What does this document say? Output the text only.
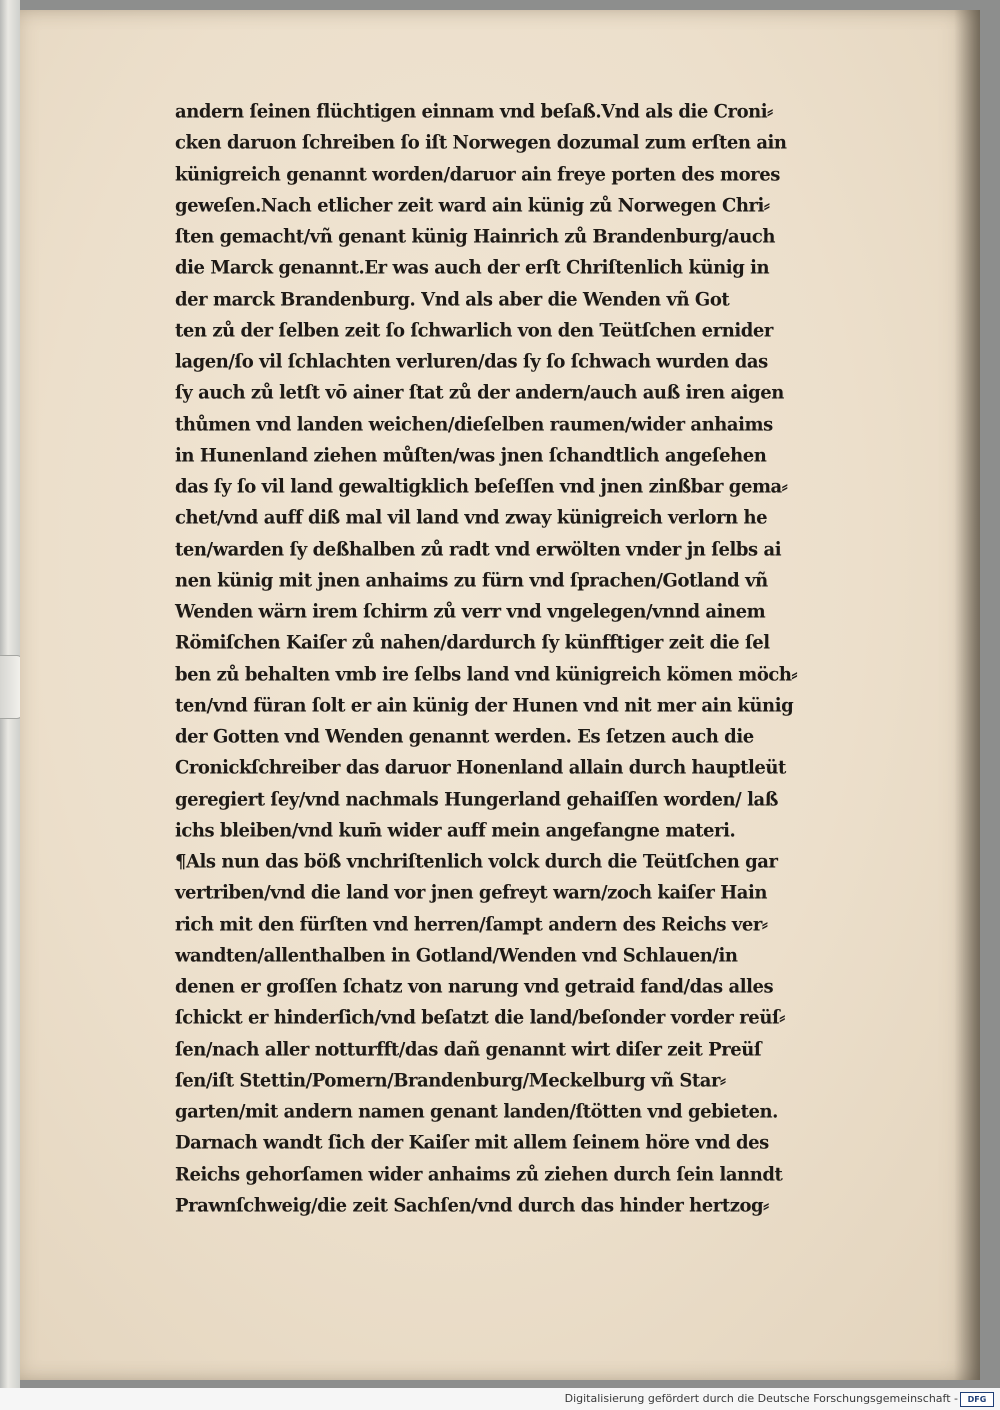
andern ſeinen flüchtigen einnam vnd beſaß.Vnd als die Croni⸗
cken daruon ſchreiben ſo iſt Norwegen dozumal zum erſten ain
künigreich genannt worden/daruor ain freye porten des mores
geweſen.Nach etlicher zeit ward ain künig zů Norwegen Chri⸗
ſten gemacht/vñ genant künig Hainrich zů Brandenburg/auch
die Marck genannt.Er was auch der erſt Chriſtenlich künig in
der marck Brandenburg. Vnd als aber die Wenden vñ Got
ten zů der ſelben zeit ſo ſchwarlich von den Teütſchen ernider
lagen/ſo vil ſchlachten verluren/das ſy ſo ſchwach wurden das
ſy auch zů letſt vō ainer ſtat zů der andern/auch auß iren aigen
thůmen vnd landen weichen/dieſelben raumen/wider anhaims
in Hunenland ziehen můſten/was jnen ſchandtlich angeſehen
das ſy ſo vil land gewaltigklich beſeſſen vnd jnen zinßbar gema⸗
chet/vnd auff diß mal vil land vnd zway künigreich verlorn he
ten/warden ſy deßhalben zů radt vnd erwölten vnder jn ſelbs ai
nen künig mit jnen anhaims zu fürn vnd ſprachen/Gotland vñ
Wenden wärn irem ſchirm zů verr vnd vngelegen/vnnd ainem
Römiſchen Kaiſer zů nahen/dardurch ſy künfftiger zeit die ſel
ben zů behalten vmb ire ſelbs land vnd künigreich kömen möch⸗
ten/vnd füran ſolt er ain künig der Hunen vnd nit mer ain künig
der Gotten vnd Wenden genannt werden. Es ſetzen auch die
Cronickſchreiber das daruor Honenland allain durch hauptleüt
geregiert ſey/vnd nachmals Hungerland gehaiſſen worden/ laß
ichs bleiben/vnd kum̄ wider auff mein angefangne materi.
¶Als nun das böß vnchriſtenlich volck durch die Teütſchen gar
vertriben/vnd die land vor jnen gefreyt warn/zoch kaiſer Hain
rich mit den fürſten vnd herren/ſampt andern des Reichs ver⸗
wandten/allenthalben in Gotland/Wenden vnd Schlauen/in
denen er groſſen ſchatz von narung vnd getraid fand/das alles
ſchickt er hinderſich/vnd beſatzt die land/beſonder vorder reüſ⸗
ſen/nach aller notturfft/das dañ genannt wirt diſer zeit Preüſ
ſen/iſt Stettin/Pomern/Brandenburg/Meckelburg vñ Star⸗
garten/mit andern namen genant landen/ſtötten vnd gebieten.
Darnach wandt ſich der Kaiſer mit allem ſeinem höre vnd des
Reichs gehorſamen wider anhaims zů ziehen durch ſein lanndt
Prawnſchweig/die zeit Sachſen/vnd durch das hinder hertzog⸗
Digitalisierung gefördert durch die Deutsche Forschungsgemeinschaft -	DFG
